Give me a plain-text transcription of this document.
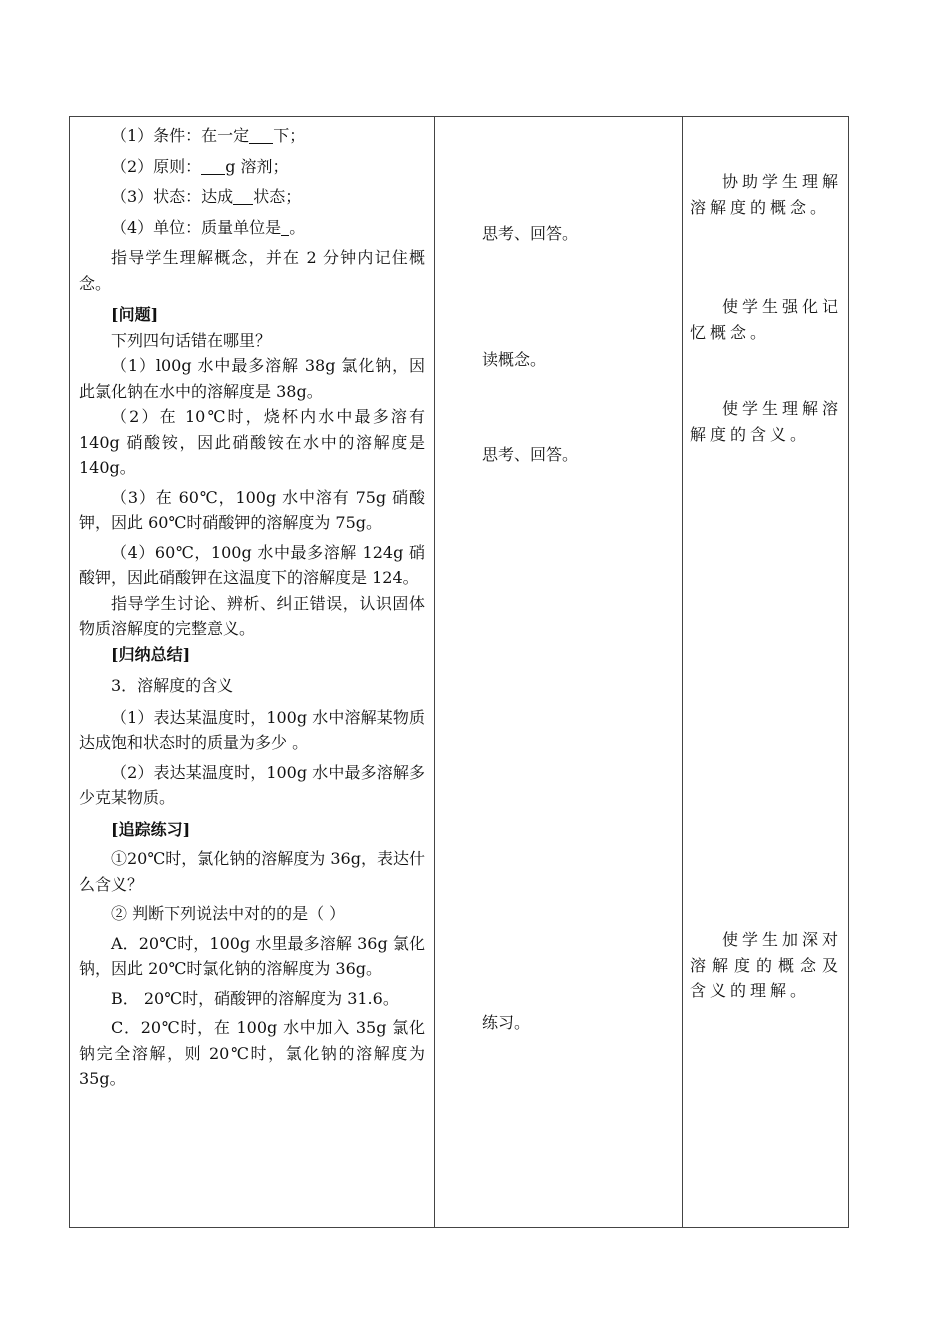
（1）条件：在一定 下；

（2）原则： g 溶剂；

（3）状态：达成 状态；

（4）单位：质量单位是 。

指导学生理解概念，并在 2 分钟内记住概念。

[问题]

下列四句话错在哪里？

（1）l00g 水中最多溶解 38g 氯化钠，因此氯化钠在水中的溶解度是 38g。

（2）在 10℃时，烧杯内水中最多溶有 140g 硝酸铵，因此硝酸铵在水中的溶解度是 140g。

（3）在 60℃，100g 水中溶有 75g 硝酸钾，因此 60℃时硝酸钾的溶解度为 75g。

（4）60℃，100g 水中最多溶解 124g 硝酸钾，因此硝酸钾在这温度下的溶解度是 124。

指导学生讨论、辨析、纠正错误，认识固体物质溶解度的完整意义。

[归纳总结]

3．溶解度的含义

（1）表达某温度时，100g 水中溶解某物质达成饱和状态时的质量为多少 。

（2）表达某温度时，100g 水中最多溶解多少克某物质。

[追踪练习]

①20℃时，氯化钠的溶解度为 36g，表达什么含义？

② 判断下列说法中对的的是（ ）

A．20℃时，100g 水里最多溶解 36g 氯化钠，因此 20℃时氯化钠的溶解度为 36g。

B． 20℃时，硝酸钾的溶解度为 31.6。

C．20℃时，在 100g 水中加入 35g 氯化钠完全溶解，则 20℃时，氯化钠的溶解度为 35g。

思考、回答。
读概念。
思考、回答。
练习。
协助学生理解溶解度的概念。
使学生强化记忆概念。
使学生理解溶解度的含义。
使学生加深对溶解度的概念及含义的理解。
